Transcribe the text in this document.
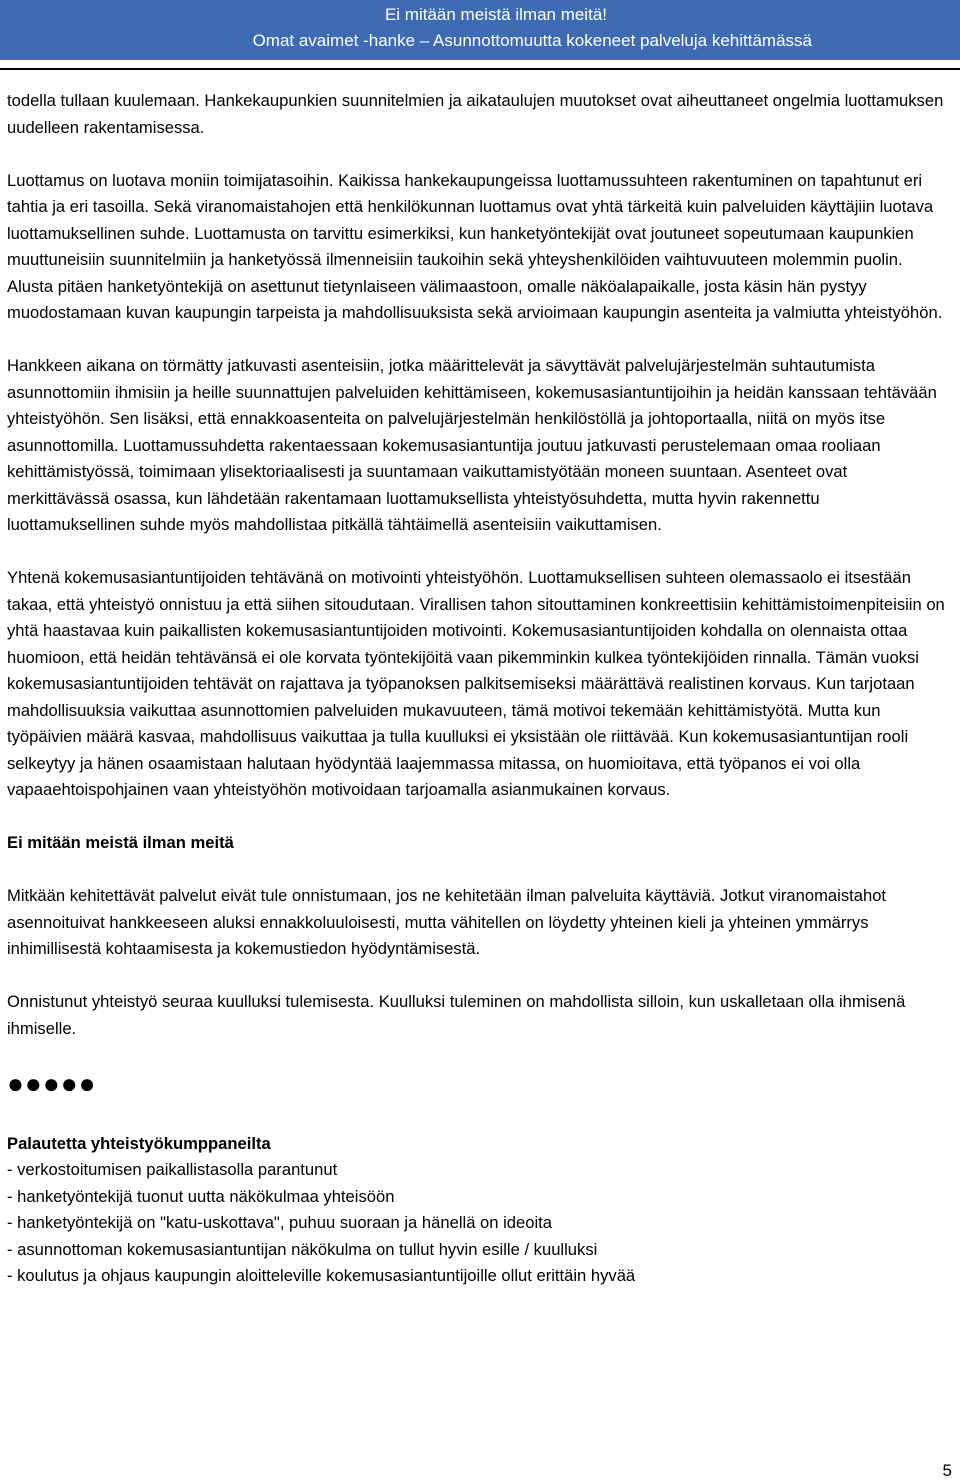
Ei mitään meistä ilman meitä!
Omat avaimet -hanke – Asunnottomuutta kokeneet palveluja kehittämässä

todella tullaan kuulemaan. Hankekaupunkien suunnitelmien ja aikataulujen muutokset ovat aiheuttaneet ongelmia luottamuksen uudelleen rakentamisessa.

Luottamus on luotava moniin toimijatasoihin. Kaikissa hankekaupungeissa luottamussuhteen rakentuminen on tapahtunut eri tahtia ja eri tasoilla. Sekä viranomaistahojen että henkilökunnan luottamus ovat yhtä tärkeitä kuin palveluiden käyttäjiin luotava luottamuksellinen suhde. Luottamusta on tarvittu esimerkiksi, kun hanketyöntekijät ovat joutuneet sopeutumaan kaupunkien muuttuneisiin suunnitelmiin ja hanketyössä ilmenneisiin taukoihin sekä yhteyshenkilöiden vaihtuvuuteen molemmin puolin. Alusta pitäen hanketyöntekijä on asettunut tietynlaiseen välimaastoon, omalle näköalapaikalle, josta käsin hän pystyy muodostamaan kuvan kaupungin tarpeista ja mahdollisuuksista sekä arvioimaan kaupungin asenteita ja valmiutta yhteistyöhön.

Hankkeen aikana on törmätty jatkuvasti asenteisiin, jotka määrittelevät ja sävyttävät palvelujärjestelmän suhtautumista asunnottomiin ihmisiin ja heille suunnattujen palveluiden kehittämiseen, kokemusasiantuntijoihin ja heidän kanssaan tehtävään yhteistyöhön. Sen lisäksi, että ennakkoasenteita on palvelujärjestelmän henkilöstöllä ja johtoportaalla, niitä on myös itse asunnottomilla. Luottamussuhdetta rakentaessaan kokemusasiantuntija joutuu jatkuvasti perustelemaan omaa rooliaan kehittämistyössä, toimimaan ylisektoriaalisesti ja suuntamaan vaikuttamistyötään moneen suuntaan. Asenteet ovat merkittävässä osassa, kun lähdetään rakentamaan luottamuksellista yhteistyösuhdetta, mutta hyvin rakennettu luottamuksellinen suhde myös mahdollistaa pitkällä tähtäimellä asenteisiin vaikuttamisen.

Yhtenä kokemusasiantuntijoiden tehtävänä on motivointi yhteistyöhön. Luottamuksellisen suhteen olemassaolo ei itsestään takaa, että yhteistyö onnistuu ja että siihen sitoudutaan. Virallisen tahon sitouttaminen konkreettisiin kehittämistoimenpiteisiin on yhtä haastavaa kuin paikallisten kokemusasiantuntijoiden motivointi. Kokemusasiantuntijoiden kohdalla on olennaista ottaa huomioon, että heidän tehtävänsä ei ole korvata työntekijöitä vaan pikemminkin kulkea työntekijöiden rinnalla. Tämän vuoksi kokemusasiantuntijoiden tehtävät on rajattava ja työpanoksen palkitsemiseksi määrättävä realistinen korvaus. Kun tarjotaan mahdollisuuksia vaikuttaa asunnottomien palveluiden mukavuuteen, tämä motivoi tekemään kehittämistyötä. Mutta kun työpäivien määrä kasvaa, mahdollisuus vaikuttaa ja tulla kuulluksi ei yksistään ole riittävää. Kun kokemusasiantuntijan rooli selkeytyy ja hänen osaamistaan halutaan hyödyntää laajemmassa mitassa, on huomioitava, että työpanos ei voi olla vapaaehtoispohjainen vaan yhteistyöhön motivoidaan tarjoamalla asianmukainen korvaus.

Ei mitään meistä ilman meitä

Mitkään kehitettävät palvelut eivät tule onnistumaan, jos ne kehitetään ilman palveluita käyttäviä. Jotkut viranomaistahot asennoituivat hankkeeseen aluksi ennakkoluuloisesti, mutta vähitellen on löydetty yhteinen kieli ja yhteinen ymmärrys inhimillisestä kohtaamisesta ja kokemustiedon hyödyntämisestä.

Onnistunut yhteistyö seuraa kuulluksi tulemisesta. Kuulluksi tuleminen on mahdollista silloin, kun uskalletaan olla ihmisenä ihmiselle.

●●●●●
Palautetta yhteistyökumppaneilta
- verkostoitumisen paikallistasolla parantunut
- hanketyöntekijä tuonut uutta näkökulmaa yhteisöön
- hanketyöntekijä on "katu-uskottava", puhuu suoraan ja hänellä on ideoita
- asunnottoman kokemusasiantuntijan näkökulma on tullut hyvin esille / kuulluksi
- koulutus ja ohjaus kaupungin aloitteleville kokemusasiantuntijoille ollut erittäin hyvää
5
